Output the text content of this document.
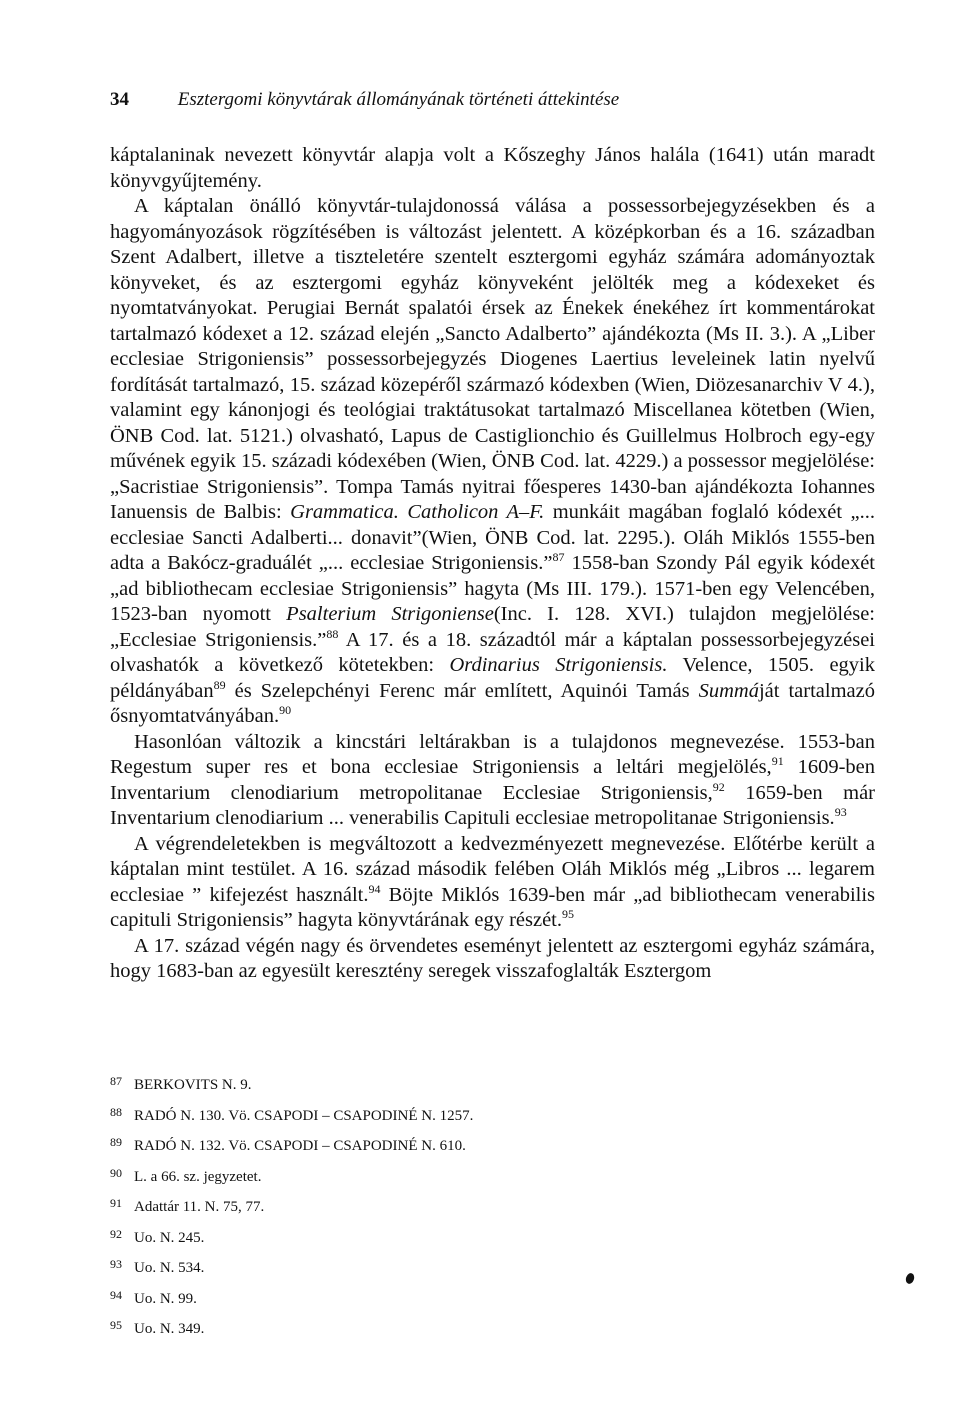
34	Esztergomi könyvtárak állományának történeti áttekintése

káptalaninak nevezett könyvtár alapja volt a Kőszeghy János halála (1641) után maradt könyvgyűjtemény.

A káptalan önálló könyvtár-tulajdonossá válása a possessorbejegyzésekben és a hagyományozások rögzítésében is változást jelentett. A középkorban és a 16. században Szent Adalbert, illetve a tiszteletére szentelt esztergomi egyház számára adományoztak könyveket, és az esztergomi egyház könyveként jelölték meg a kódexeket és nyomtatványokat. Perugiai Bernát spalatói érsek az Énekek énekéhez írt kommentárokat tartalmazó kódexet a 12. század elején „Sancto Adalberto” ajándékozta (Ms II. 3.). A „Liber ecclesiae Strigoniensis” possessorbejegyzés Diogenes Laertius leveleinek latin nyelvű fordítását tartalmazó, 15. század közepéről származó kódexben (Wien, Diözesanarchiv V 4.), valamint egy kánonjogi és teológiai traktátusokat tartalmazó Miscellanea kötetben (Wien, ÖNB Cod. lat. 5121.) olvasható, Lapus de Castiglionchio és Guillelmus Holbroch egy-egy művének egyik 15. századi kódexében (Wien, ÖNB Cod. lat. 4229.) a possessor megjelölése: „Sacristiae Strigoniensis”. Tompa Tamás nyitrai főesperes 1430-ban ajándékozta Iohannes Ianuensis de Balbis: Grammatica. Catholicon A–F. munkáit magában foglaló kódexét „... ecclesiae Sancti Adalberti... donavit”(Wien, ÖNB Cod. lat. 2295.). Oláh Miklós 1555-ben adta a Bakócz-graduálét „... ecclesiae Strigoniensis.”$^{87}$ 1558-ban Szondy Pál egyik kódexét „ad bibliothecam ecclesiae Strigoniensis” hagyta (Ms III. 179.). 1571-ben egy Velencében, 1523-ban nyomott Psalterium Strigoniense(Inc. I. 128. XVI.) tulajdon megjelölése: „Ecclesiae Strigoniensis.”$^{88}$ A 17. és a 18. századtól már a káptalan possessorbejegyzései olvashatók a következő kötetekben: Ordinarius Strigoniensis. Velence, 1505. egyik példányában$^{89}$ és Szelepchényi Ferenc már említett, Aquinói Tamás Summáját tartalmazó ősnyomtatványában.$^{90}$

Hasonlóan változik a kincstári leltárakban is a tulajdonos megnevezése. 1553-ban Regestum super res et bona ecclesiae Strigoniensis a leltári megjelölés,$^{91}$ 1609-ben Inventarium clenodiarium metropolitanae Ecclesiae Strigoniensis,$^{92}$ 1659-ben már Inventarium clenodiarium ... venerabilis Capituli ecclesiae metropolitanae Strigoniensis.$^{93}$

A végrendeletekben is megváltozott a kedvezményezett megnevezése. Előtérbe került a káptalan mint testület. A 16. század második felében Oláh Miklós még „Libros ... legarem ecclesiae ” kifejezést használt.$^{94}$ Böjte Miklós 1639-ben már „ad bibliothecam venerabilis capituli Strigoniensis” hagyta könyvtárának egy részét.$^{95}$

A 17. század végén nagy és örvendetes eseményt jelentett az esztergomi egyház számára, hogy 1683-ban az egyesült keresztény seregek visszafoglalták Esztergom

87 BERKOVITS N. 9.
88 RADÓ N. 130. Vö. CSAPODI – CSAPODINÉ N. 1257.
89 RADÓ N. 132. Vö. CSAPODI – CSAPODINÉ N. 610.
90 L. a 66. sz. jegyzetet.
91 Adattár 11. N. 75, 77.
92 Uo. N. 245.
93 Uo. N. 534.
94 Uo. N. 99.
95 Uo. N. 349.
